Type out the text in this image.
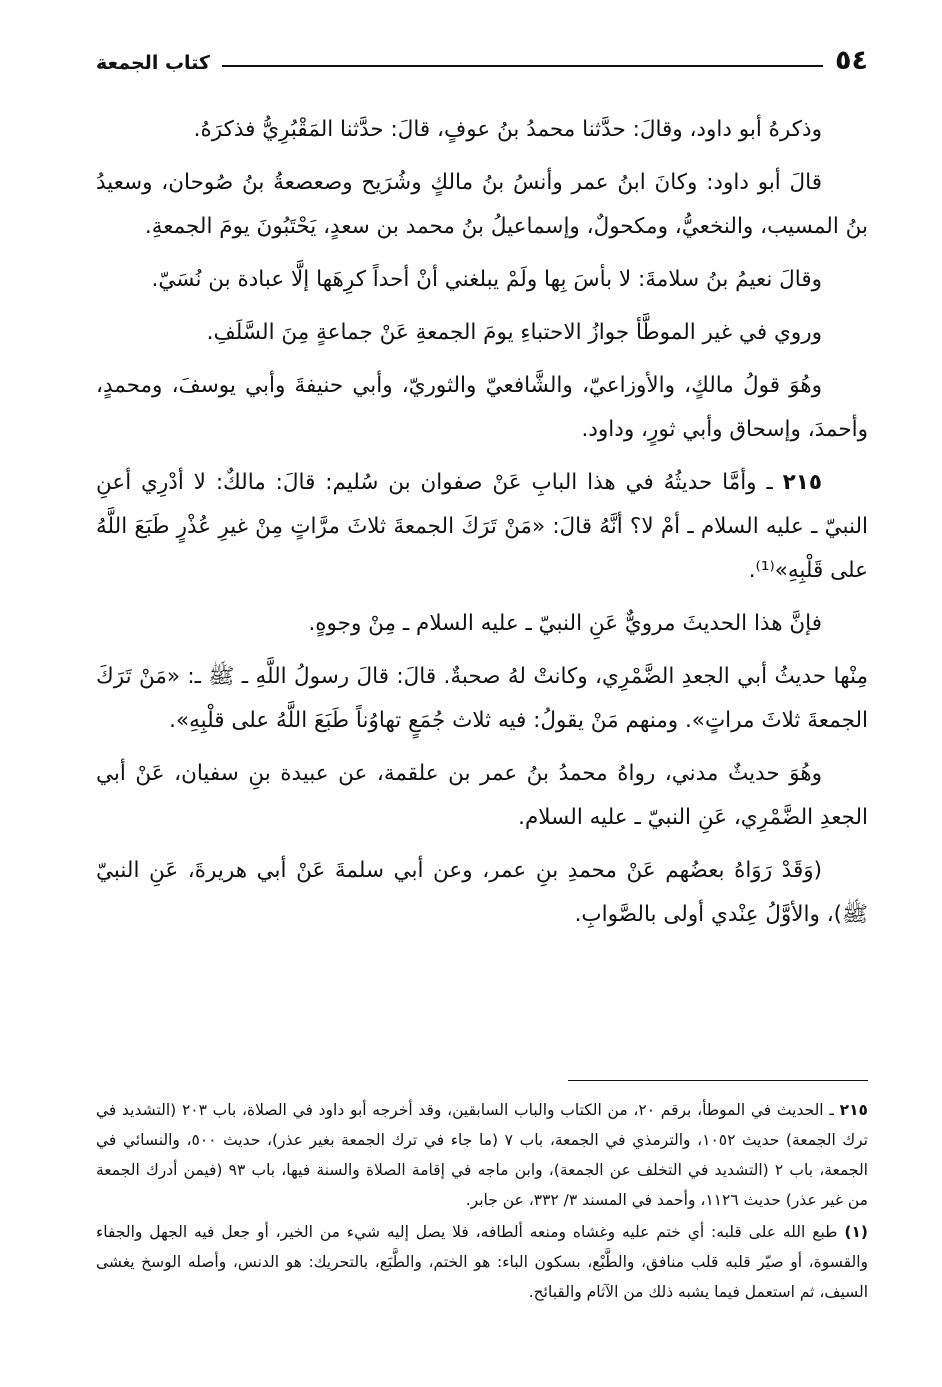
٥٤
كتاب الجمعة

وذكرهُ أبو داود، وقالَ: حدَّثنا محمدُ بنُ عوفٍ، قالَ: حدَّثنا المَقْبُرِيُّ فذكرَهُ.

قالَ أبو داود: وكانَ ابنُ عمر وأنسُ بنُ مالكٍ وشُرَيح وصعصعةُ بنُ صُوحان، وسعيدُ بنُ المسيب، والنخعيُّ، ومكحولٌ، وإسماعيلُ بنُ محمد بن سعدٍ، يَحْتَبُونَ يومَ الجمعةِ.

وقالَ نعيمُ بنُ سلامةَ: لا بأسَ بِها ولَمْ يبلغني أنْ أحداً كرِهَها إلَّا عبادة بن نُسَيّ.

وروي في غير الموطَّأ جوازُ الاحتباءِ يومَ الجمعةِ عَنْ جماعةٍ مِنَ السَّلَفِ.

وهُوَ قولُ مالكٍ، والأوزاعيّ، والشَّافعيّ والثوريّ، وأبي حنيفةَ وأبي يوسفَ، ومحمدٍ، وأحمدَ، وإسحاق وأبي ثورٍ، وداود.

٢١٥ ـ وأمَّا حديثُهُ في هذا البابِ عَنْ صفوان بن سُليم: قالَ: مالكٌ: لا أدْرِي أعنِ النبيّ ـ عليه السلام ـ أمْ لا؟ أنَّهُ قالَ: «مَنْ تَرَكَ الجمعةَ ثلاثَ مرَّاتٍ مِنْ غيرِ عُذْرٍ طَبَعَ اللَّهُ على قَلْبِهِ»⁽¹⁾.

فإنَّ هذا الحديثَ مرويٌّ عَنِ النبيّ ـ عليه السلام ـ مِنْ وجوهٍ.

مِنْها حديثُ أبي الجعدِ الضَّمْرِي، وكانتْ لهُ صحبةٌ. قالَ: قالَ رسولُ اللَّهِ ـ ﷺ ـ: «مَنْ تَرَكَ الجمعةَ ثلاثَ مراتٍ». ومنهم مَنْ يقولُ: فيه ثلاث جُمَعٍ تهاوُناً طَبَعَ اللَّهُ على قلْبِهِ».

وهُوَ حديثٌ مدني، رواهُ محمدُ بنُ عمر بن علقمة، عن عبيدة بنِ سفيان، عَنْ أبي الجعدِ الضَّمْرِي، عَنِ النبيّ ـ عليه السلام.

(وَقَدْ رَوَاهُ بعضُهم عَنْ محمدِ بنِ عمر، وعن أبي سلمةَ عَنْ أبي هريرةَ، عَنِ النبيّ ﷺ)، والأوَّلُ عِنْدي أولى بالصَّوابِ.

٢١٥ ـ الحديث في الموطأ، برقم ٢٠، من الكتاب والباب السابقين، وقد أخرجه أبو داود في الصلاة، باب ٢٠٣ (التشديد في ترك الجمعة) حديث ١٠٥٢، والترمذي في الجمعة، باب ٧ (ما جاء في ترك الجمعة بغير عذر)، حديث ٥٠٠، والنسائي في الجمعة، باب ٢ (التشديد في التخلف عن الجمعة)، وابن ماجه في إقامة الصلاة والسنة فيها، باب ٩٣ (فيمن أدرك الجمعة من غير عذر) حديث ١١٢٦، وأحمد في المسند ٣/ ٣٣٢، عن جابر.

(١) طبع الله على قلبه: أي ختم عليه وغشاه ومنعه ألطافه، فلا يصل إليه شيء من الخير، أو جعل فيه الجهل والجفاء والقسوة، أو صيّر قلبه قلب منافق، والطَّبْع، بسكون الباء: هو الختم، والطَّبَع، بالتحريك: هو الدنس، وأصله الوسخ يغشى السيف، ثم استعمل فيما يشبه ذلك من الآثام والقبائح.
